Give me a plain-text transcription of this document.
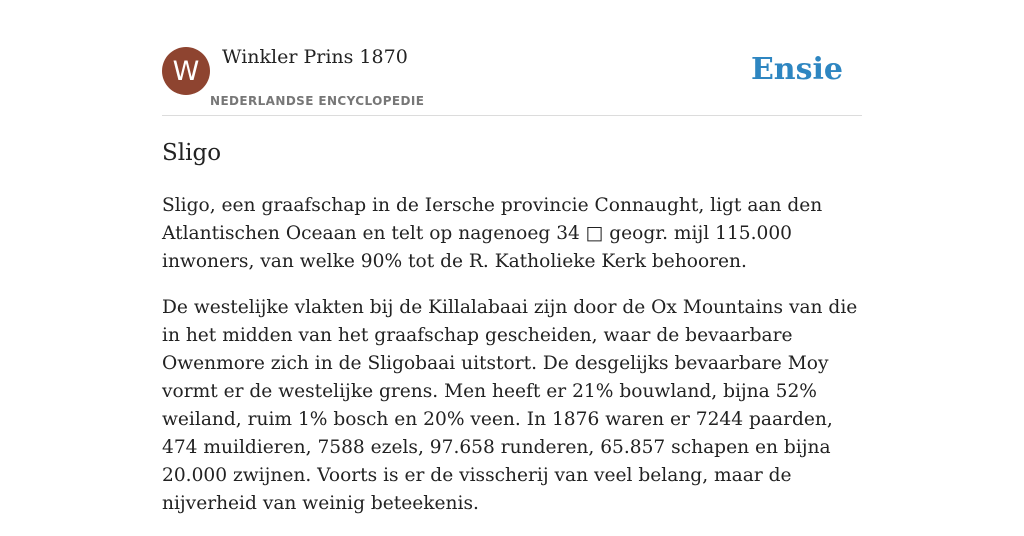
W	Winkler Prins 1870
NEDERLANDSE ENCYCLOPEDIE
Ensie
Sligo

Sligo, een graafschap in de Iersche provincie Connaught, ligt aan den Atlantischen Oceaan en telt op nagenoeg 34 □ geogr. mijl 115.000 inwoners, van welke 90% tot de R. Katholieke Kerk behooren.

De westelijke vlakten bij de Killalabaai zijn door de Ox Mountains van die in het midden van het graafschap gescheiden, waar de bevaarbare Owenmore zich in de Sligobaai uitstort. De desgelijks bevaarbare Moy vormt er de westelijke grens. Men heeft er 21% bouwland, bijna 52% weiland, ruim 1% bosch en 20% veen. In 1876 waren er 7244 paarden, 474 muildieren, 7588 ezels, 97.658 runderen, 65.857 schapen en bijna 20.000 zwijnen. Voorts is er de visscherij van veel belang, maar de nijverheid van weinig beteekenis.
